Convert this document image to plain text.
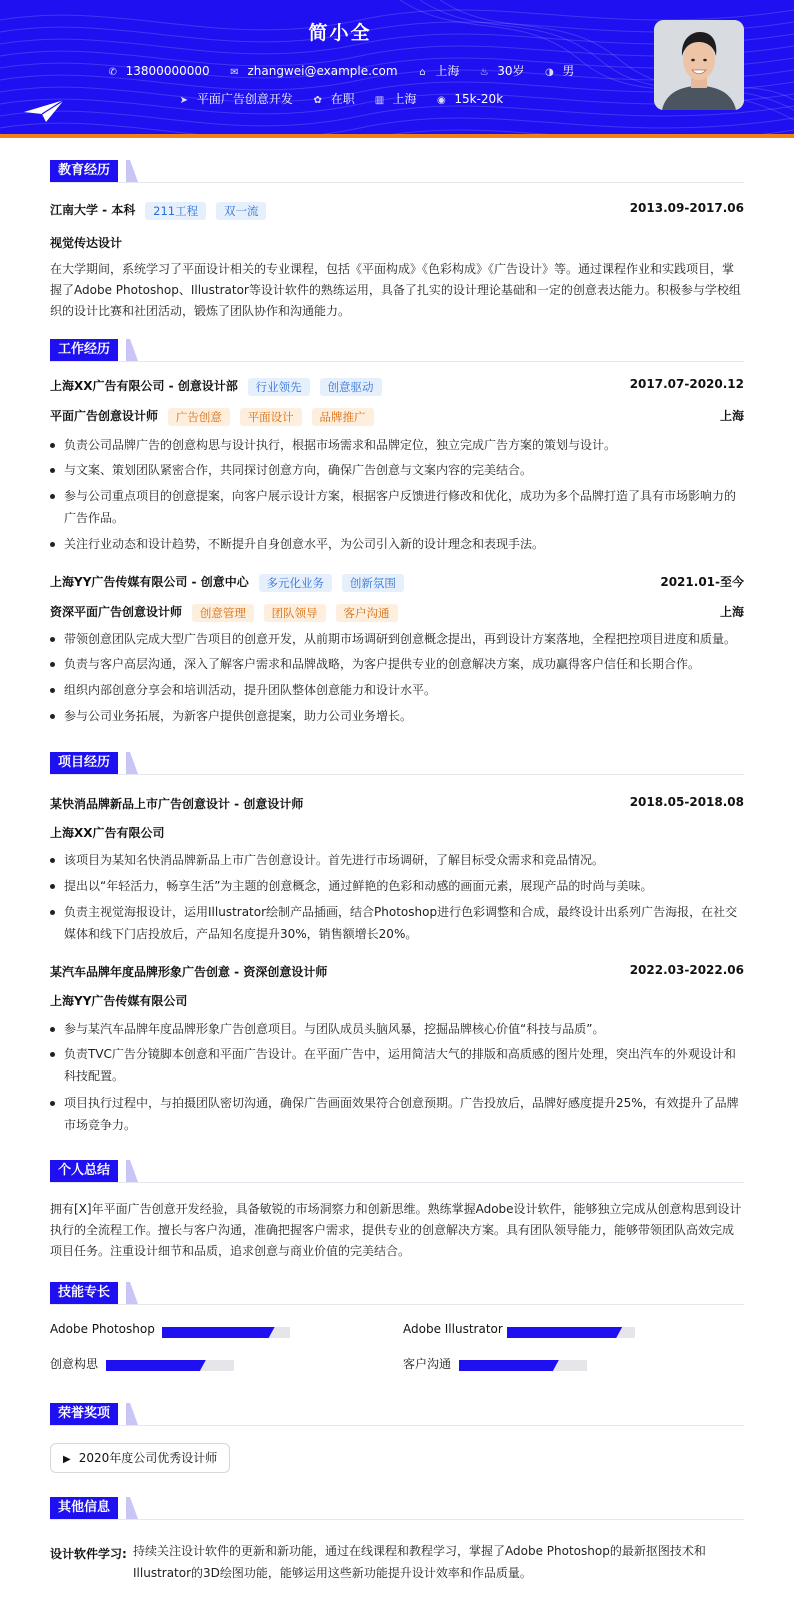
简小全
✆ 13800000000 ✉ zhangwei@example.com ⌂ 上海 ♨ 30岁 ◑ 男
➤ 平面广告创意开发 ✿ 在职 ▥ 上海 ◉ 15k-20k
教育经历
江南大学 - 本科 211工程 双一流	2013.09-2017.06
视觉传达设计
在大学期间，系统学习了平面设计相关的专业课程，包括《平面构成》《色彩构成》《广告设计》等。通过课程作业和实践项目，掌握了Adobe Photoshop、Illustrator等设计软件的熟练运用，具备了扎实的设计理论基础和一定的创意表达能力。积极参与学校组织的设计比赛和社团活动，锻炼了团队协作和沟通能力。
工作经历
上海XX广告有限公司 - 创意设计部 行业领先 创意驱动	2017.07-2020.12
平面广告创意设计师 广告创意 平面设计 品牌推广	上海
负责公司品牌广告的创意构思与设计执行，根据市场需求和品牌定位，独立完成广告方案的策划与设计。
与文案、策划团队紧密合作，共同探讨创意方向，确保广告创意与文案内容的完美结合。
参与公司重点项目的创意提案，向客户展示设计方案，根据客户反馈进行修改和优化，成功为多个品牌打造了具有市场影响力的广告作品。
关注行业动态和设计趋势，不断提升自身创意水平，为公司引入新的设计理念和表现手法。
上海YY广告传媒有限公司 - 创意中心 多元化业务 创新氛围	2021.01-至今
资深平面广告创意设计师 创意管理 团队领导 客户沟通	上海
带领创意团队完成大型广告项目的创意开发，从前期市场调研到创意概念提出，再到设计方案落地，全程把控项目进度和质量。
负责与客户高层沟通，深入了解客户需求和品牌战略，为客户提供专业的创意解决方案，成功赢得客户信任和长期合作。
组织内部创意分享会和培训活动，提升团队整体创意能力和设计水平。
参与公司业务拓展，为新客户提供创意提案，助力公司业务增长。
项目经历
某快消品牌新品上市广告创意设计 - 创意设计师	2018.05-2018.08
上海XX广告有限公司
该项目为某知名快消品牌新品上市广告创意设计。首先进行市场调研，了解目标受众需求和竞品情况。
提出以“年轻活力，畅享生活”为主题的创意概念，通过鲜艳的色彩和动感的画面元素，展现产品的时尚与美味。
负责主视觉海报设计，运用Illustrator绘制产品插画，结合Photoshop进行色彩调整和合成，最终设计出系列广告海报，在社交媒体和线下门店投放后，产品知名度提升30%，销售额增长20%。
某汽车品牌年度品牌形象广告创意 - 资深创意设计师	2022.03-2022.06
上海YY广告传媒有限公司
参与某汽车品牌年度品牌形象广告创意项目。与团队成员头脑风暴，挖掘品牌核心价值“科技与品质”。
负责TVC广告分镜脚本创意和平面广告设计。在平面广告中，运用简洁大气的排版和高质感的图片处理，突出汽车的外观设计和科技配置。
项目执行过程中，与拍摄团队密切沟通，确保广告画面效果符合创意预期。广告投放后，品牌好感度提升25%，有效提升了品牌市场竞争力。
个人总结
拥有[X]年平面广告创意开发经验，具备敏锐的市场洞察力和创新思维。熟练掌握Adobe设计软件，能够独立完成从创意构思到设计执行的全流程工作。擅长与客户沟通，准确把握客户需求，提供专业的创意解决方案。具有团队领导能力，能够带领团队高效完成项目任务。注重设计细节和品质，追求创意与商业价值的完美结合。
技能专长
Adobe Photoshop	Adobe Illustrator
创意构思	客户沟通
荣誉奖项
▶ 2020年度公司优秀设计师
其他信息
设计软件学习: 持续关注设计软件的更新和新功能，通过在线课程和教程学习，掌握了Adobe Photoshop的最新抠图技术和
Illustrator的3D绘图功能，能够运用这些新功能提升设计效率和作品质量。
